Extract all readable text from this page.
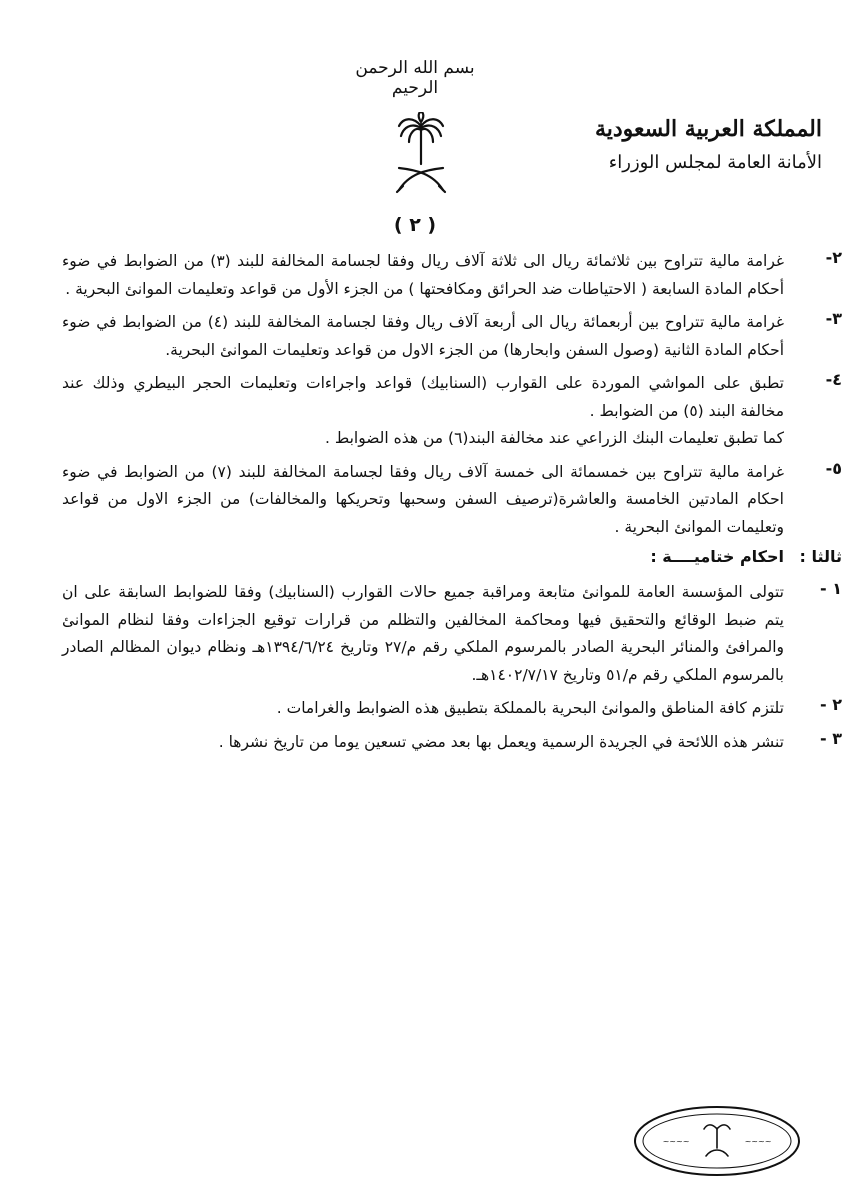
بسم الله الرحمن الرحيم
المملكة العربية السعودية
الأمانة العامة لمجلس الوزراء
( ٢ )
٢-
غرامة مالية تتراوح بين ثلاثمائة ريال الى ثلاثة آلاف ريال وفقا لجسامة المخالفة للبند (٣) من الضوابط في ضوء أحكام المادة السابعة ( الاحتياطات ضد الحرائق ومكافحتها ) من الجزء الأول من قواعد وتعليمات الموانئ البحرية .
٣-
غرامة مالية تتراوح بين أربعمائة ريال الى أربعة آلاف ريال وفقا لجسامة المخالفة للبند (٤) من الضوابط في ضوء أحكام المادة الثانية (وصول السفن وابحارها) من الجزء الاول من قواعد وتعليمات الموانئ البحرية.
٤-
تطبق على المواشي الموردة على القوارب (السنابيك) قواعد واجراءات وتعليمات الحجر البيطري وذلك عند مخالفة البند (٥) من الضوابط .
كما تطبق تعليمات البنك الزراعي عند مخالفة البند(٦) من هذه الضوابط .
٥-
غرامة مالية تتراوح بين خمسمائة الى خمسة آلاف ريال وفقا لجسامة المخالفة للبند (٧) من الضوابط في ضوء احكام المادتين الخامسة والعاشرة(ترصيف السفن وسحبها وتحريكها والمخالفات) من الجزء الاول من قواعد وتعليمات الموانئ البحرية .
ثالثا :
احكام ختاميــــة :
١ -
تتولى المؤسسة العامة للموانئ متابعة ومراقبة جميع حالات القوارب (السنابيك) وفقا للضوابط السابقة على ان يتم ضبط الوقائع والتحقيق فيها ومحاكمة المخالفين والتظلم من قرارات توقيع الجزاءات وفقا لنظام الموانئ والمرافئ والمنائر البحرية الصادر بالمرسوم الملكي رقم م/٢٧ وتاريخ ١٣٩٤/٦/٢٤هـ ونظام ديوان المظالم الصادر بالمرسوم الملكي رقم م/٥١ وتاريخ ١٤٠٢/٧/١٧هـ.
٢ -
تلتزم كافة المناطق والموانئ البحرية بالمملكة بتطبيق هذه الضوابط والغرامات .
٣ -
تنشر هذه اللائحة في الجريدة الرسمية ويعمل بها بعد مضي تسعين يوما من تاريخ نشرها .
~~~~	~~~~
